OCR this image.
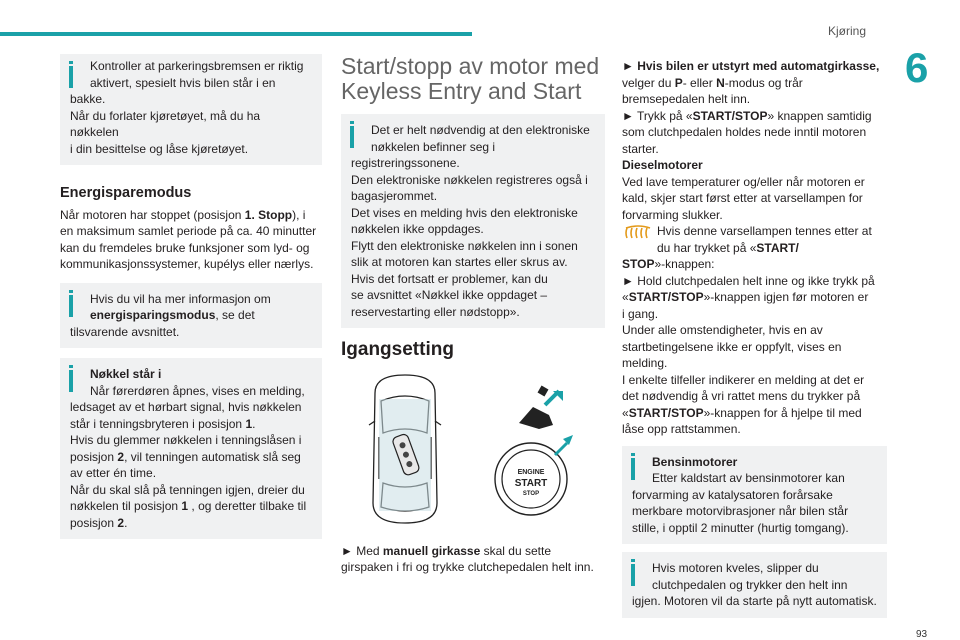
Kjøring
6
93

Kontroller at parkeringsbremsen er riktig

aktivert, spesielt hvis bilen står i en

bakke.

Når du forlater kjøretøyet, må du ha nøkkelen

i din besittelse og låse kjøretøyet.

Energisparemodus

Når motoren har stoppet (posisjon 1. Stopp), i

en maksimum samlet periode på ca. 40 minutter

kan du fremdeles bruke funksjoner som lyd- og

kommunikasjonssystemer, kupélys eller nærlys.

Hvis du vil ha mer informasjon om

energisparingsmodus, se det

tilsvarende avsnittet.

Nøkkel står i

Når førerdøren åpnes, vises en melding,

ledsaget av et hørbart signal, hvis nøkkelen

står i tenningsbryteren i posisjon 1.

Hvis du glemmer nøkkelen i tenningslåsen i

posisjon 2, vil tenningen automatisk slå seg

av etter én time.

Når du skal slå på tenningen igjen, dreier du

nøkkelen til posisjon 1 , og deretter tilbake til

posisjon 2.

Start/stopp av motor med

Keyless Entry and Start

Det er helt nødvendig at den elektroniske

nøkkelen befinner seg i

registreringssonene.

Den elektroniske nøkkelen registreres også i

bagasjerommet.

Det vises en melding hvis den elektroniske

nøkkelen ikke oppdages.

Flytt den elektroniske nøkkelen inn i sonen

slik at motoren kan startes eller skrus av.

Hvis det fortsatt er problemer, kan du

se avsnittet «Nøkkel ikke oppdaget –

reservestarting eller nødstopp».

Igangsetting

ENGINE
START
STOP

► Med manuell girkasse skal du sette

girspaken i fri og trykke clutchepedalen helt inn.

► Hvis bilen er utstyrt med automatgirkasse,

velger du P- eller N-modus og trår

bremsepedalen helt inn.

► Trykk på «START/STOP» knappen samtidig

som clutchpedalen holdes nede inntil motoren

starter.

Dieselmotorer

Ved lave temperaturer og/eller når motoren er

kald, skjer start først etter at varsellampen for

forvarming slukker.

Hvis denne varsellampen tennes etter at

du har trykket på «START/

STOP»-knappen:

► Hold clutchpedalen helt inne og ikke trykk på

«START/STOP»-knappen igjen før motoren er

i gang.

Under alle omstendigheter, hvis en av

startbetingelsene ikke er oppfylt, vises en

melding.

I enkelte tilfeller indikerer en melding at det er

det nødvendig å vri rattet mens du trykker på

«START/STOP»-knappen for å hjelpe til med

låse opp rattstammen.

Bensinmotorer

Etter kaldstart av bensinmotorer kan

forvarming av katalysatoren forårsake

merkbare motorvibrasjoner når bilen står

stille, i opptil 2 minutter (hurtig tomgang).

Hvis motoren kveles, slipper du

clutchpedalen og trykker den helt inn

igjen. Motoren vil da starte på nytt automatisk.
